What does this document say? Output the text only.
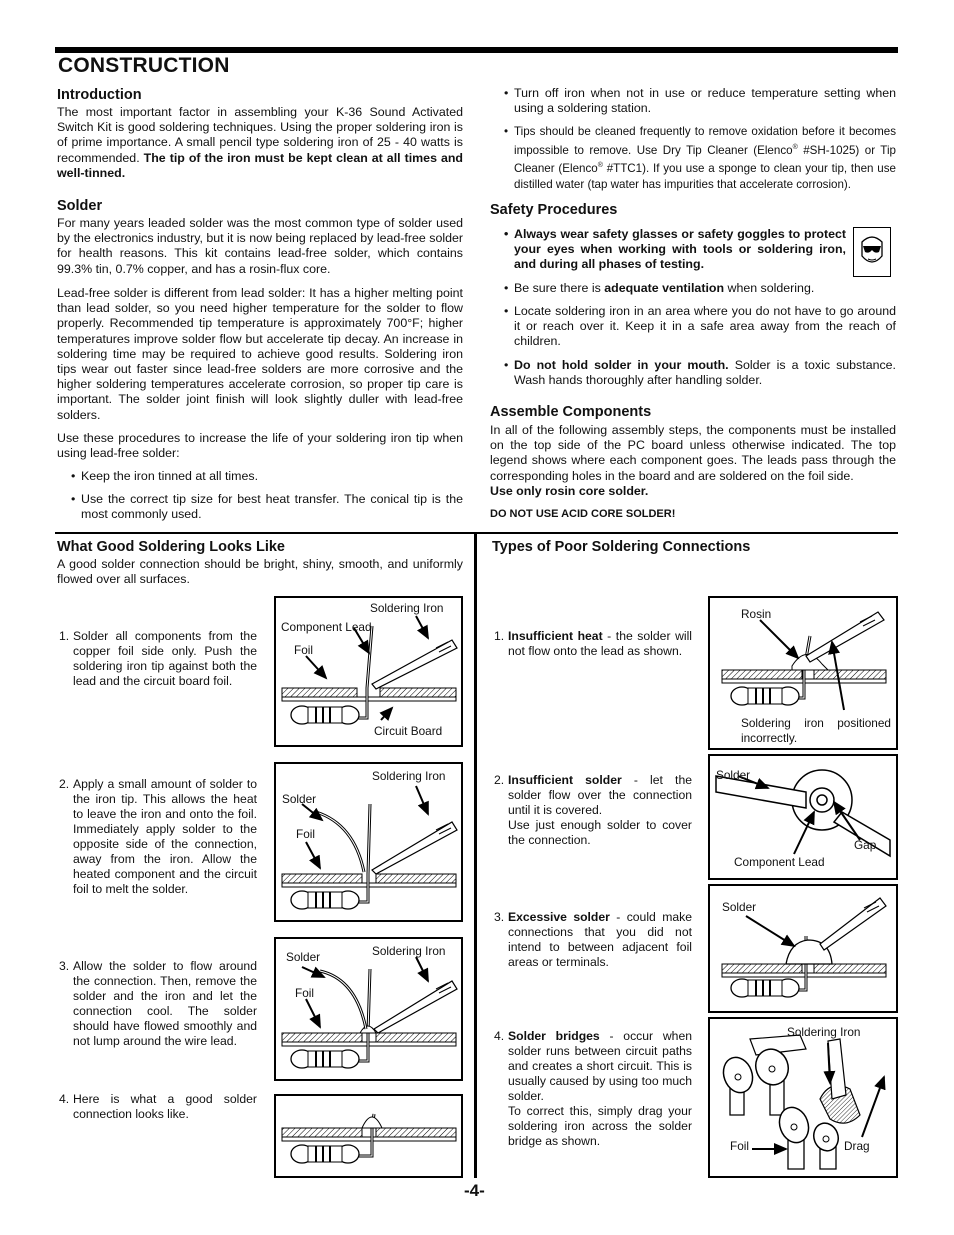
CONSTRUCTION
Introduction
The most important factor in assembling your K-36 Sound Activated Switch Kit is good soldering techniques. Using the proper soldering iron is of prime importance. A small pencil type soldering iron of 25 - 40 watts is recommended. The tip of the iron must be kept clean at all times and well-tinned.
Solder
For many years leaded solder was the most common type of solder used by the electronics industry, but it is now being replaced by lead-free solder for health reasons. This kit contains lead-free solder, which contains 99.3% tin, 0.7% copper, and has a rosin-flux core.
Lead-free solder is different from lead solder: It has a higher melting point than lead solder, so you need higher temperature for the solder to flow properly. Recommended tip temperature is approximately 700°F; higher temperatures improve solder flow but accelerate tip decay. An increase in soldering time may be required to achieve good results. Soldering iron tips wear out faster since lead-free solders are more corrosive and the higher soldering temperatures accelerate corrosion, so proper tip care is important. The solder joint finish will look slightly duller with lead-free solders.
Use these procedures to increase the life of your soldering iron tip when using lead-free solder:
• Keep the iron tinned at all times.
• Use the correct tip size for best heat transfer. The conical tip is the most commonly used.
• Turn off iron when not in use or reduce temperature setting when using a soldering station.
• Tips should be cleaned frequently to remove oxidation before it becomes impossible to remove. Use Dry Tip Cleaner (Elenco® #SH-1025) or Tip Cleaner (Elenco® #TTC1). If you use a sponge to clean your tip, then use distilled water (tap water has impurities that accelerate corrosion).
Safety Procedures
• Always wear safety glasses or safety goggles to protect your eyes when working with tools or soldering iron, and during all phases of testing.
• Be sure there is adequate ventilation when soldering.
• Locate soldering iron in an area where you do not have to go around it or reach over it. Keep it in a safe area away from the reach of children.
• Do not hold solder in your mouth. Solder is a toxic substance. Wash hands thoroughly after handling solder.
Assemble Components
In all of the following assembly steps, the components must be installed on the top side of the PC board unless otherwise indicated. The top legend shows where each component goes. The leads pass through the corresponding holes in the board and are soldered on the foil side.
Use only rosin core solder.
DO NOT USE ACID CORE SOLDER!
What Good Soldering Looks Like
A good solder connection should be bright, shiny, smooth, and uniformly flowed over all surfaces.
1. Solder all components from the copper foil side only. Push the soldering iron tip against both the lead and the circuit board foil.
2. Apply a small amount of solder to the iron tip. This allows the heat to leave the iron and onto the foil. Immediately apply solder to the opposite side of the connection, away from the iron. Allow the heated component and the circuit foil to melt the solder.
3. Allow the solder to flow around the connection. Then, remove the solder and the iron and let the connection cool. The solder should have flowed smoothly and not lump around the wire lead.
4. Here is what a good solder connection looks like.
Soldering Iron
Component Lead
Foil
Circuit Board
Soldering Iron
Solder
Foil
Soldering Iron
Solder
Foil
Types of Poor Soldering Connections
1. Insufficient heat - the solder will not flow onto the lead as shown.
2. Insufficient solder - let the solder flow over the connection until it is covered.
Use just enough solder to cover the connection.
3. Excessive solder - could make connections that you did not intend to between adjacent foil areas or terminals.
4. Solder bridges - occur when solder runs between circuit paths and creates a short circuit. This is usually caused by using too much solder.
To correct this, simply drag your soldering iron across the solder bridge as shown.
Rosin
Soldering iron positioned incorrectly.
Solder
Gap
Component Lead
Solder
Soldering Iron
Foil	Drag
-4-
